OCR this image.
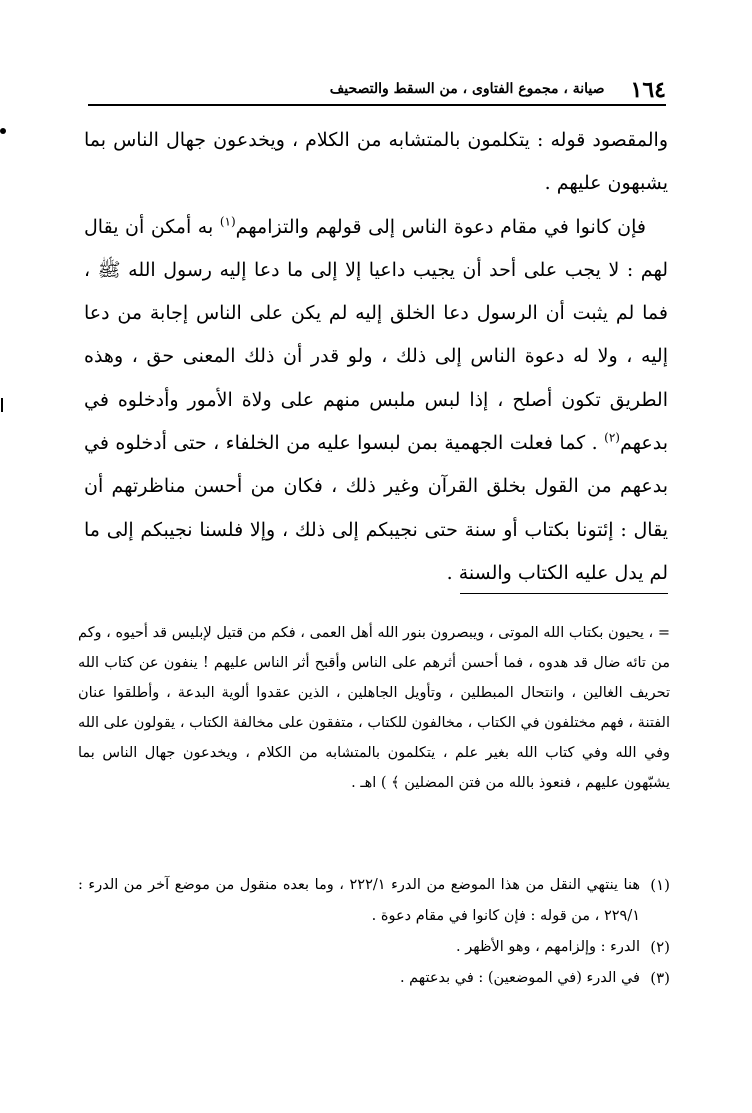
١٦٤
صيانة ، مجموع الفتاوى ، من السقط والتصحيف

والمقصود قوله : يتكلمون بالمتشابه من الكلام ، ويخدعون جهال الناس بما يشبهون عليهم .

فإن كانوا في مقام دعوة الناس إلى قولهم والتزامهم$^{(١)}$ به أمكن أن يقال لهم : لا يجب على أحد أن يجيب داعيا إلا إلى ما دعا إليه رسول الله ﷺ ، فما لم يثبت أن الرسول دعا الخلق إليه لم يكن على الناس إجابة من دعا إليه ، ولا له دعوة الناس إلى ذلك ، ولو قدر أن ذلك المعنى حق ، وهذه الطريق تكون أصلح ، إذا لبس ملبس منهم على ولاة الأمور وأدخلوه في بدعهم$^{(٢)}$ . كما فعلت الجهمية بمن لبسوا عليه من الخلفاء ، حتى أدخلوه في بدعهم من القول بخلق القرآن وغير ذلك ، فكان من أحسن مناظرتهم أن يقال : إئتونا بكتاب أو سنة حتى نجيبكم إلى ذلك ، وإلا فلسنا نجيبكم إلى ما لم يدل عليه الكتاب والسنة .

= ، يحيون بكتاب الله الموتى ، ويبصرون بنور الله أهل العمى ، فكم من قتيل لإبليس قد أحيوه ، وكم من تائه ضال قد هدوه ، فما أحسن أثرهم على الناس وأقبح أثر الناس عليهم ! ينفون عن كتاب الله تحريف الغالين ، وانتحال المبطلين ، وتأويل الجاهلين ، الذين عقدوا ألوية البدعة ، وأطلقوا عنان الفتنة ، فهم مختلفون في الكتاب ، مخالفون للكتاب ، متفقون على مخالفة الكتاب ، يقولون على الله وفي الله وفي كتاب الله بغير علم ، يتكلمون بالمتشابه من الكلام ، ويخدعون جهال الناس بما يشبّهون عليهم ، فنعوذ بالله من فتن المضلين ﴾ ) اهـ .

(١)
هنا ينتهي النقل من هذا الموضع من الدرء ٢٢٢/١ ، وما بعده منقول من موضع آخر من الدرء : ٢٢٩/١ ، من قوله : فإن كانوا في مقام دعوة .
(٢)
الدرء : وإلزامهم ، وهو الأظهر .
(٣)
في الدرء (في الموضعين) : في بدعتهم .
